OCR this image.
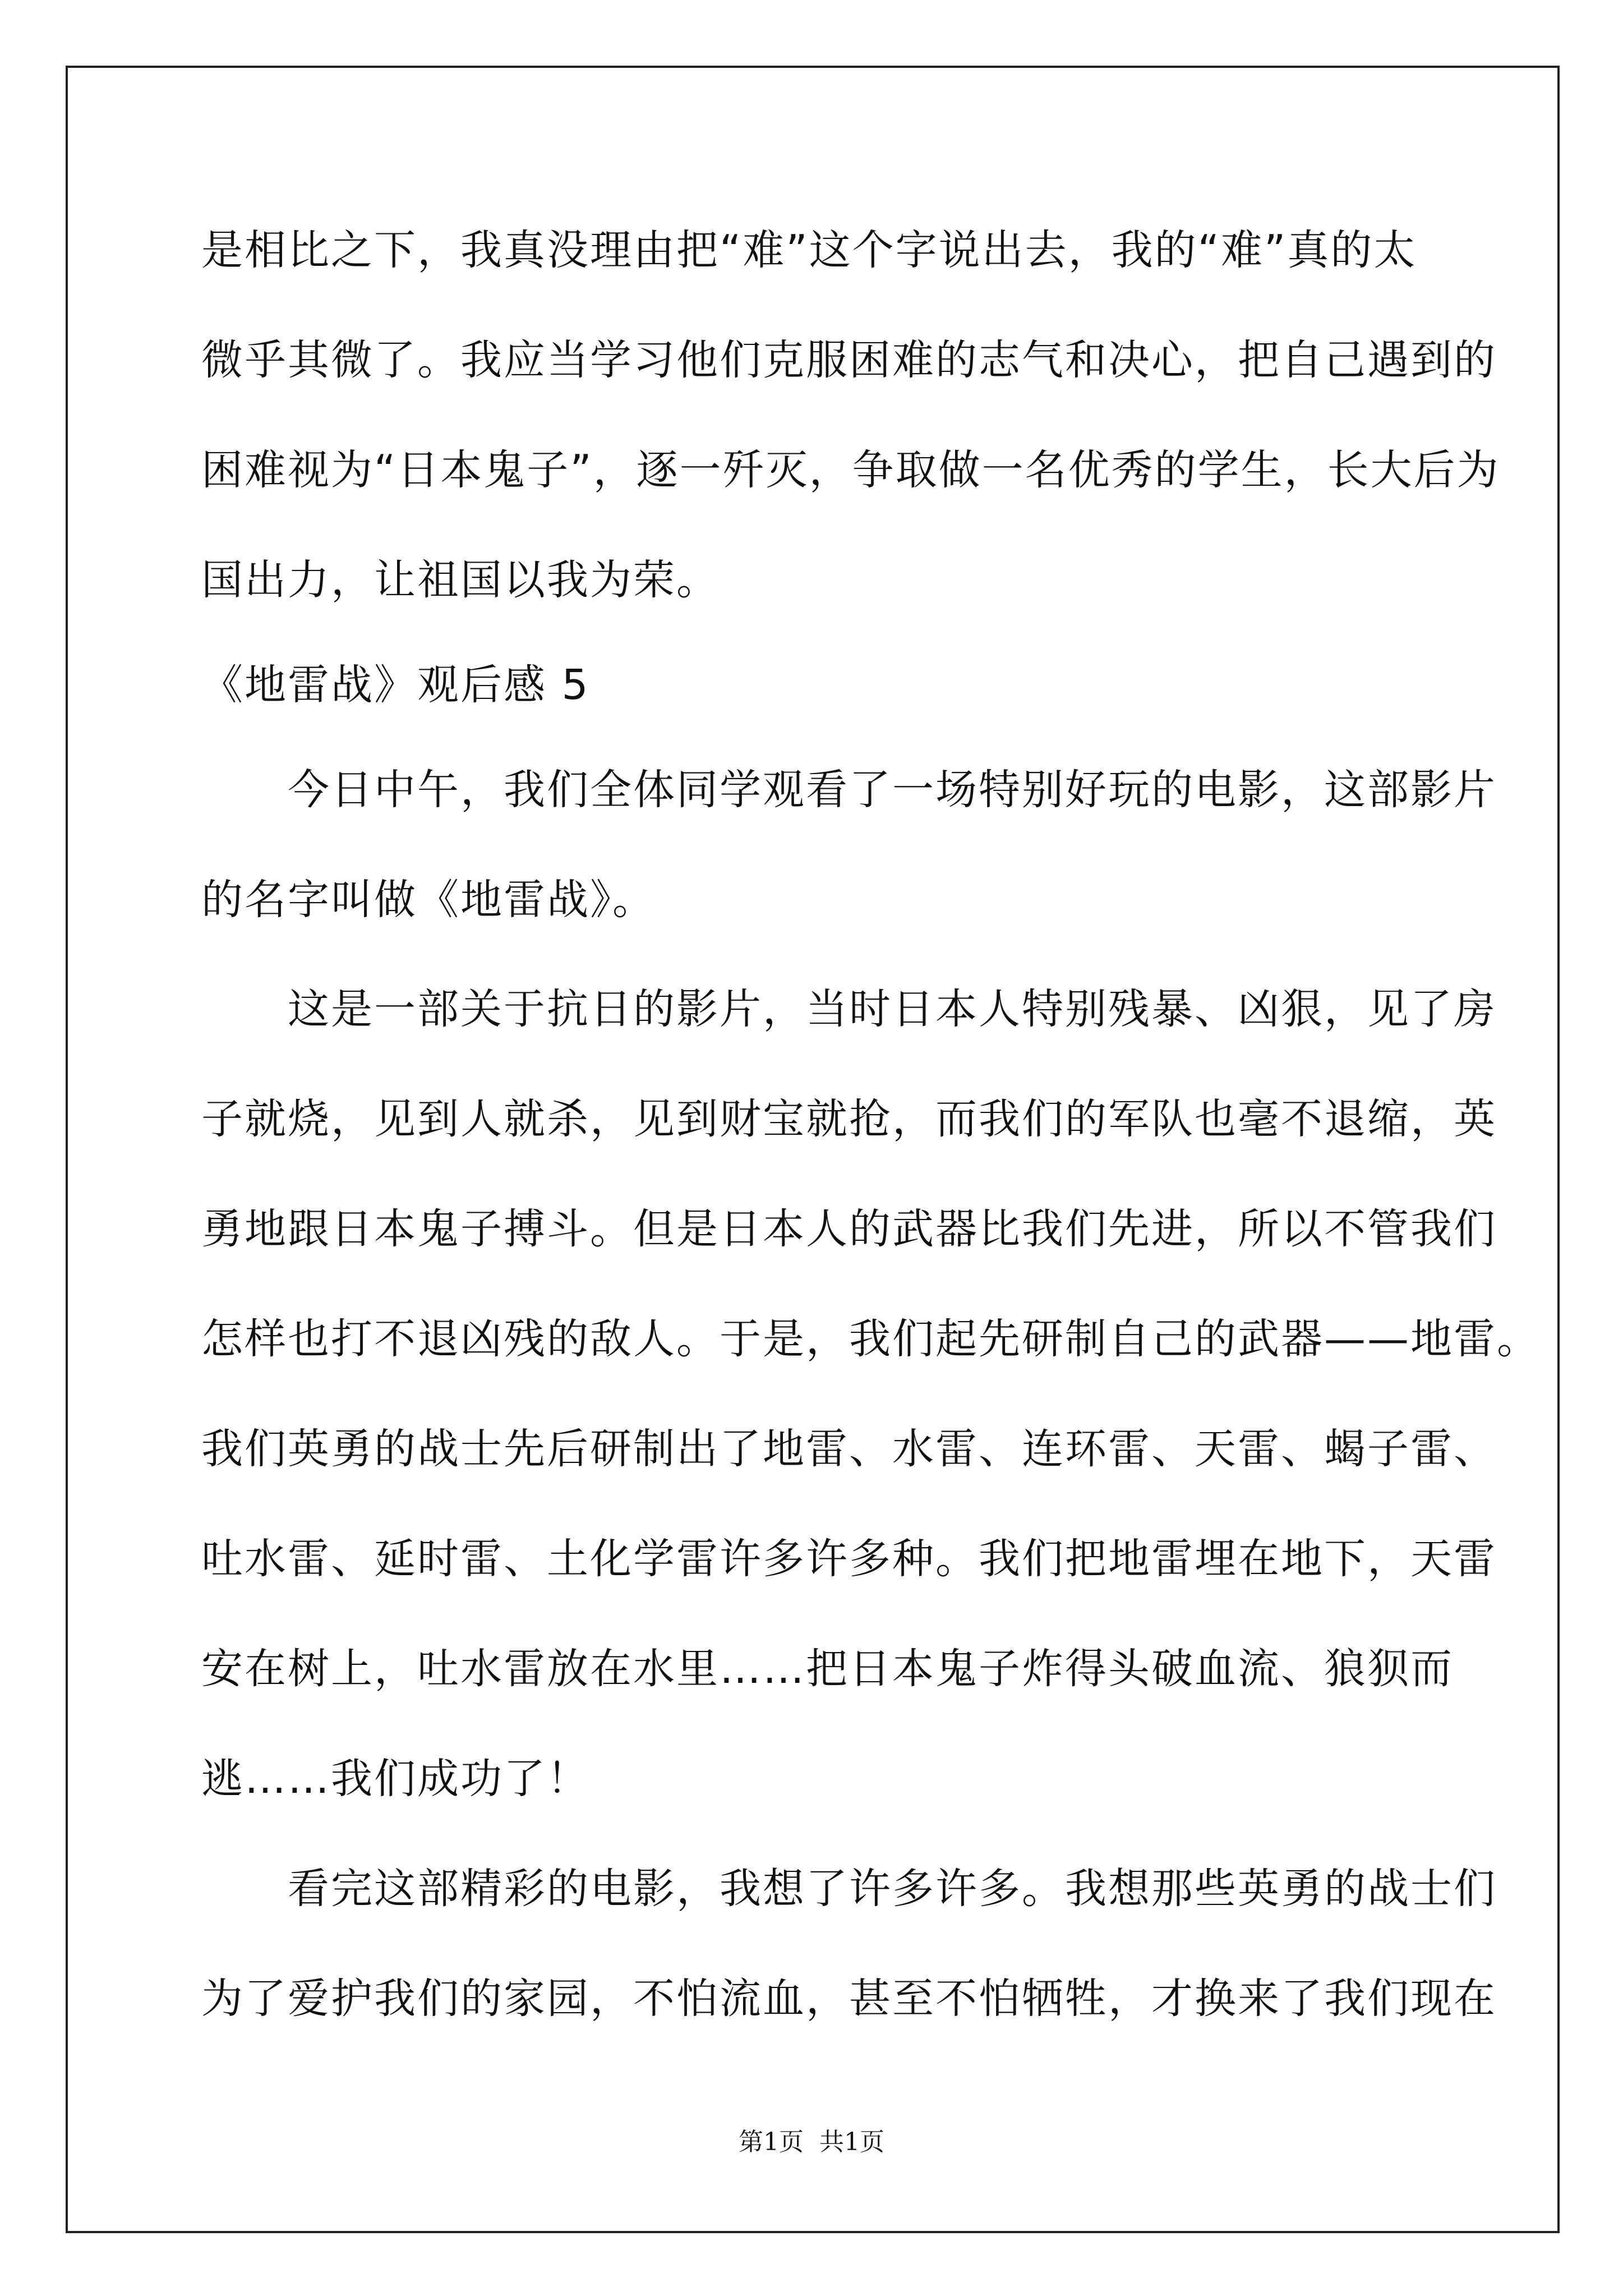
是相比之下，我真没理由把“难”这个字说出去，我的“难”真的太
微乎其微了。我应当学习他们克服困难的志气和决心，把自己遇到的
困难视为“日本鬼子”，逐一歼灭，争取做一名优秀的学生，长大后为
国出力，让祖国以我为荣。
《地雷战》观后感 5
　　今日中午，我们全体同学观看了一场特别好玩的电影，这部影片
的名字叫做《地雷战》。
　　这是一部关于抗日的影片，当时日本人特别残暴、凶狠，见了房
子就烧，见到人就杀，见到财宝就抢，而我们的军队也毫不退缩，英
勇地跟日本鬼子搏斗。但是日本人的武器比我们先进，所以不管我们
怎样也打不退凶残的敌人。于是，我们起先研制自己的武器——地雷。
我们英勇的战士先后研制出了地雷、水雷、连环雷、天雷、蝎子雷、
吐水雷、延时雷、土化学雷许多许多种。我们把地雷埋在地下，天雷
安在树上，吐水雷放在水里……把日本鬼子炸得头破血流、狼狈而
逃……我们成功了！
　　看完这部精彩的电影，我想了许多许多。我想那些英勇的战士们
为了爱护我们的家园，不怕流血，甚至不怕牺牲，才换来了我们现在
第1页 共1页
